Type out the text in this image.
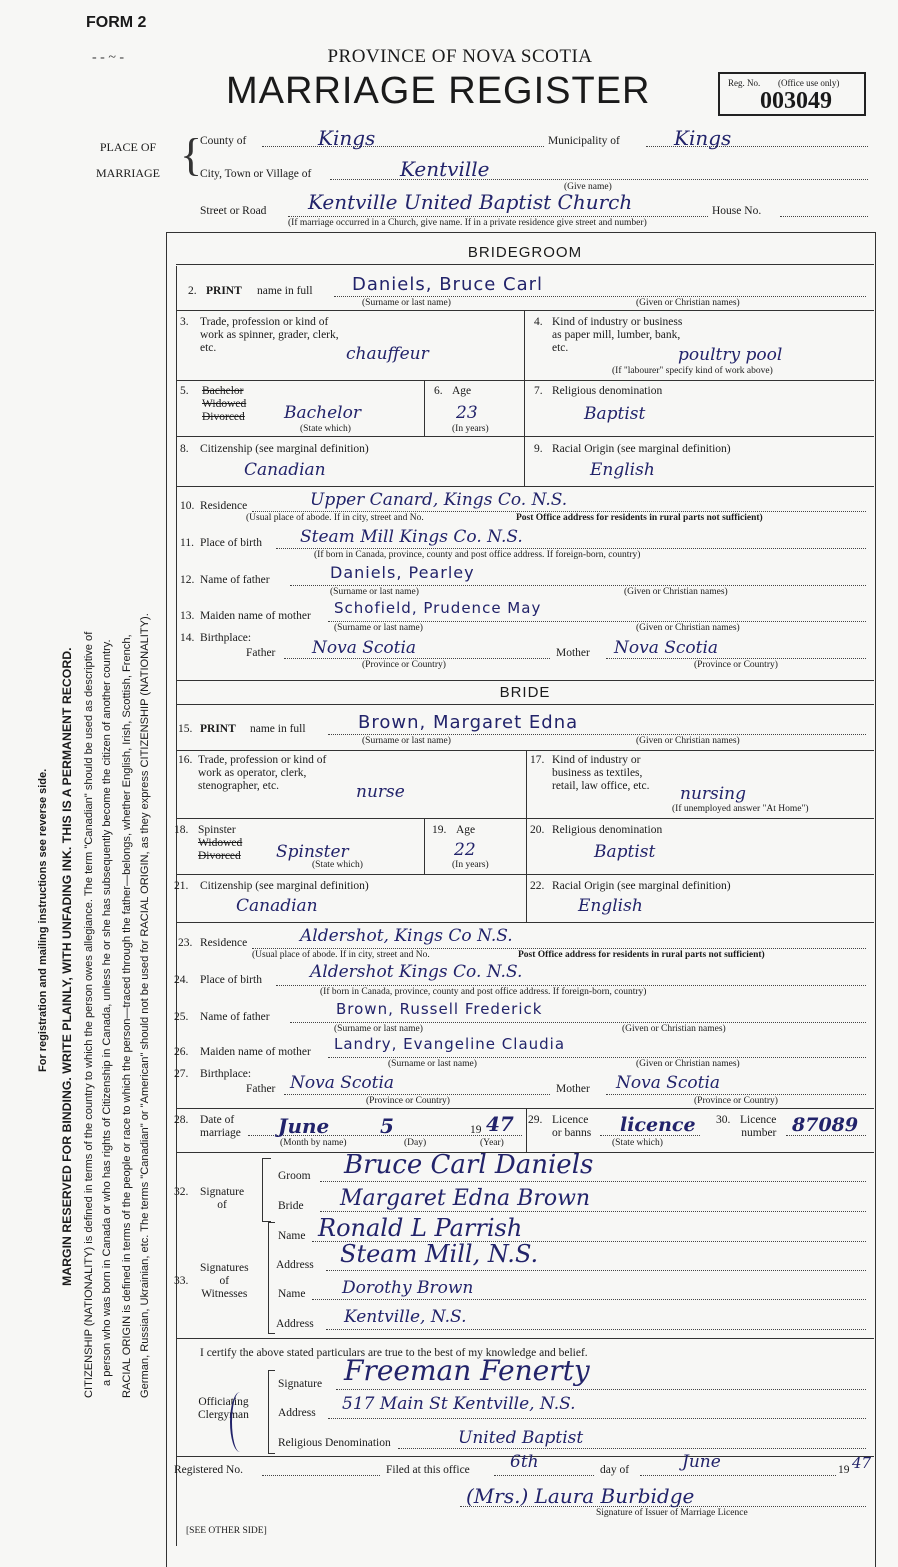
FORM 2
- - ~ -	PROVINCE OF NOVA SCOTIA
MARRIAGE REGISTER	Reg. No. (Office use only)
003049
PLACE OF
MARRIAGE {
County of	Kings	Municipality of	Kings
City, Town or Village of	Kentville
(Give name)
Street or Road Kentville United Baptist Church	House No.
(If marriage occurred in a Church, give name. If in a private residence give street and number)
For registration and mailing instructions see reverse side. MARGIN RESERVED FOR BINDING. WRITE PLAINLY, WITH UNFADING INK. THIS IS A PERMANENT RECORD. CITIZENSHIP (NATIONALITY) is defined in terms of the country to which the person owes allegiance. The term "Canadian" should be used as descriptive of a person who was born in Canada or who has rights of Citizenship in Canada, unless he or she has subsequently become the citizen of another country. RACIAL ORIGIN is defined in terms of the people or race to which the person—traced through the father—belongs, whether English, Irish, Scottish, French, German, Russian, Ukrainian, etc. The terms "Canadian" or "American" should not be used for RACIAL ORIGIN, as they express CITIZENSHIP (NATIONALITY).
BRIDEGROOM
2. PRINT name in full Daniels, Bruce Carl
(Surname or last name)	(Given or Christian names)
3. Trade, profession or kind of work as spinner, grader, clerk, etc.	chauffeur
4. Kind of industry or business as paper mill, lumber, bank, etc.	poultry pool
(If "labourer" specify kind of work above)
5. Bachelor
Widowed
Divorced Bachelor
(State which)
6. Age
23
(In years)
7. Religious denomination
Baptist
8. Citizenship (see marginal definition)
Canadian
9. Racial Origin (see marginal definition)
English
10. Residence	Upper Canard, Kings Co. N.S.
(Usual place of abode. If in city, street and No.	Post Office address for residents in rural parts not sufficient)
11. Place of birth Steam Mill Kings Co. N.S.
(If born in Canada, province, county and post office address. If foreign-born, country)
12. Name of father	Daniels, Pearley
(Surname or last name)	(Given or Christian names)
13. Maiden name of mother Schofield, Prudence May
(Surname or last name)	(Given or Christian names)
14. Birthplace:
Father Nova Scotia
(Province or Country)
Mother Nova Scotia
(Province or Country)
BRIDE
15. PRINT name in full	Brown, Margaret Edna
(Surname or last name)	(Given or Christian names)
16. Trade, profession or kind of work as operator, clerk, stenographer, etc.	nurse
17. Kind of industry or business as textiles, retail, law office, etc.	nursing
(If unemployed answer "At Home")
18. Spinster
Widowed
Divorced Spinster
(State which)
19. Age
22
(In years)
20. Religious denomination
Baptist
21. Citizenship (see marginal definition)
Canadian
22. Racial Origin (see marginal definition)
English
23. Residence	Aldershot, Kings Co N.S.
(Usual place of abode. If in city, street and No.	Post Office address for residents in rural parts not sufficient)
24. Place of birth	Aldershot Kings Co. N.S.
(If born in Canada, province, county and post office address. If foreign-born, country)
25. Name of father	Brown, Russell Frederick
(Surname or last name)	(Given or Christian names)
26. Maiden name of mother Landry, Evangeline Claudia
(Surname or last name)	(Given or Christian names)
27. Birthplace:
Father Nova Scotia
(Province or Country)
Mother Nova Scotia
(Province or Country)
28. Date of
marriage June	5	19 47
(Month by name)	(Day)	(Year)
29. Licence
or banns licence
(State which)
30. Licence
number 87089
32. Signature
of
Groom Bruce Carl Daniels
Bride Margaret Edna Brown
33.
Signatures
of
Witnesses
Name Ronald L Parrish
Address Steam Mill, N.S.
Name Dorothy Brown
Address Kentville, N.S.
I certify the above stated particulars are true to the best of my knowledge and belief.
Officiating
Clergyman
Signature Freeman Fenerty
Address 517 Main St Kentville, N.S.
Religious Denomination	United Baptist
Registered No.	Filed at this office 6th	day of	June	19 47
(Mrs.) Laura Burbidge
Signature of Issuer of Marriage Licence
[SEE OTHER SIDE]
